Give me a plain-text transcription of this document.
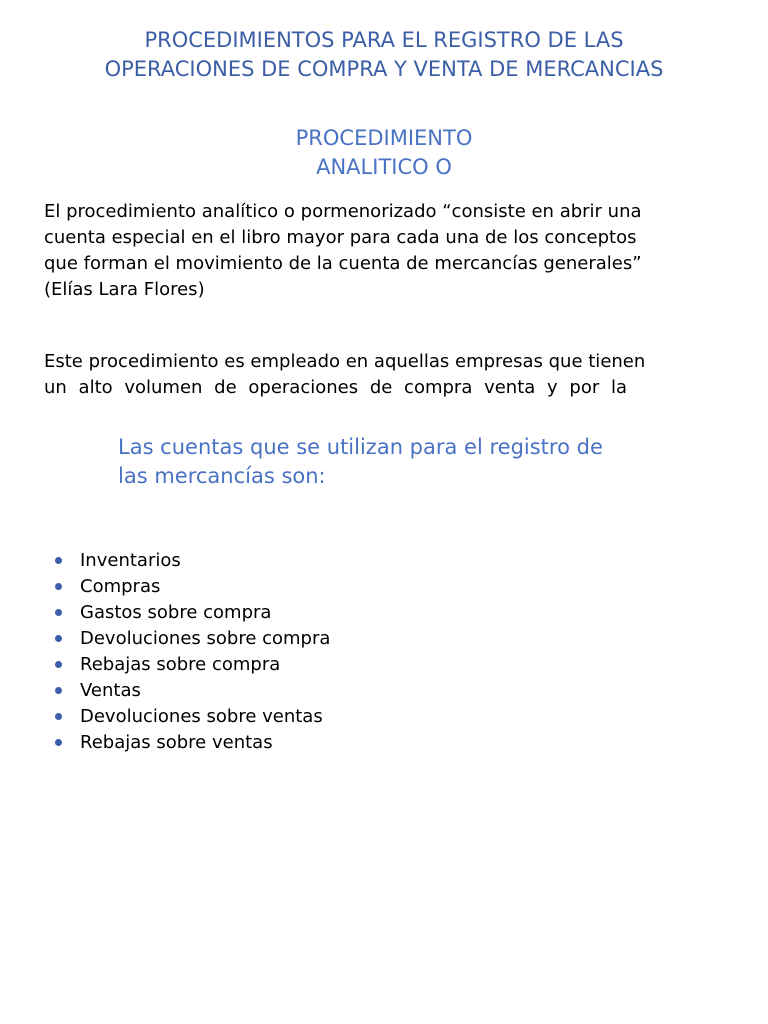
PROCEDIMIENTOS PARA EL REGISTRO DE LAS
OPERACIONES DE COMPRA Y VENTA DE MERCANCIAS
PROCEDIMIENTO
ANALITICO O

El procedimiento analítico o pormenorizado “consiste en abrir una
cuenta especial en el libro mayor para cada una de los conceptos
que forman el movimiento de la cuenta de mercancías generales”
(Elías Lara Flores)

Este procedimiento es empleado en aquellas empresas que tienen
un alto volumen de operaciones de compra venta y por la

Las cuentas que se utilizan para el registro de
las mercancías son:
Inventarios
Compras
Gastos sobre compra
Devoluciones sobre compra
Rebajas sobre compra
Ventas
Devoluciones sobre ventas
Rebajas sobre ventas
